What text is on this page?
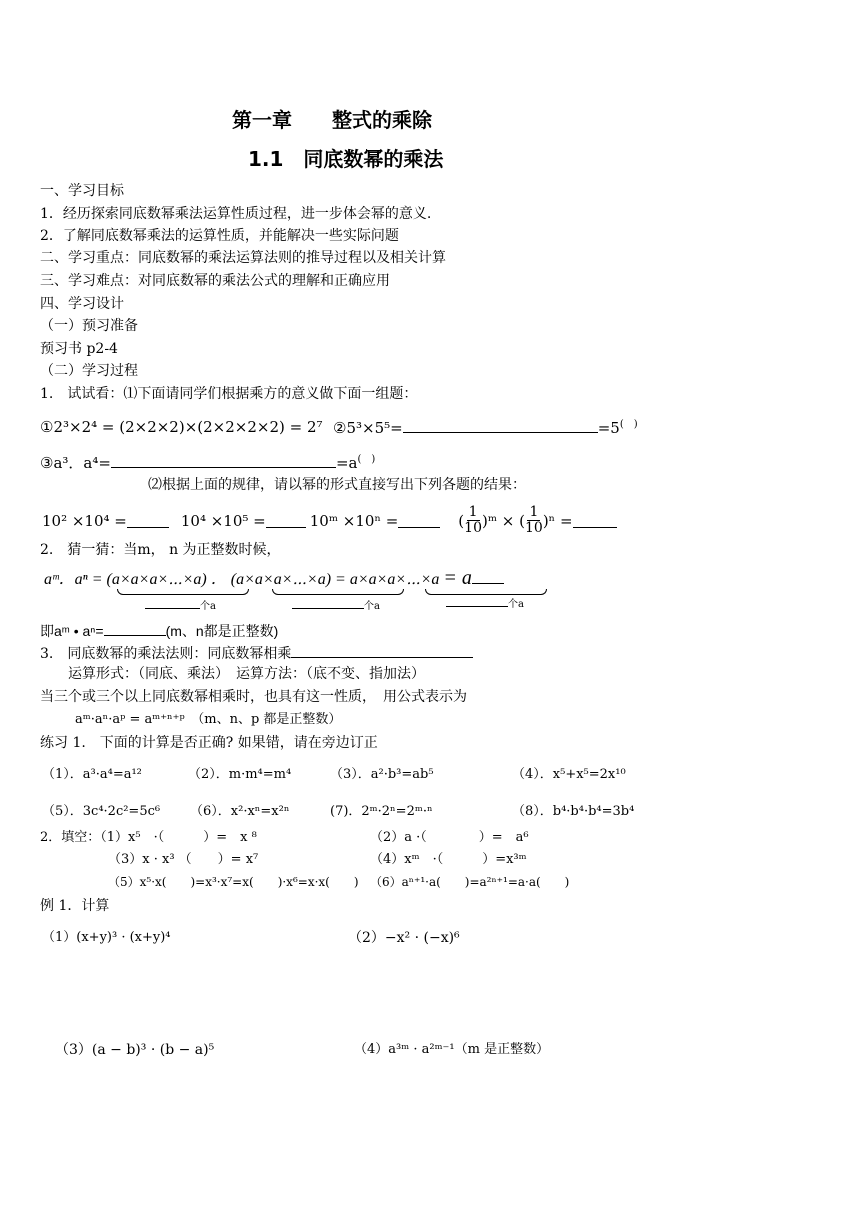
第一章　　整式的乘除
1.1　同底数幂的乘法
一、学习目标
1．经历探索同底数幂乘法运算性质过程，进一步体会幂的意义.
2．了解同底数幂乘法的运算性质，并能解决一些实际问题
二、学习重点：同底数幂的乘法运算法则的推导过程以及相关计算
三、学习难点：对同底数幂的乘法公式的理解和正确应用
四、学习设计
（一）预习准备
预习书 p2-4
（二）学习过程
1.　试试看：⑴下面请同学们根据乘方的意义做下面一组题：
①2³×2⁴ = (2×2×2)×(2×2×2×2) = 2⁷ ②5³×5⁵=	=5(　)
③a³．a⁴=	=a(　)
⑵根据上面的规律，请以幂的形式直接写出下列各题的结果：
10² ×10⁴ =	10⁴ ×10⁵ =	10ᵐ ×10ⁿ =	( $\frac{1}{10}$ )ᵐ × ( $\frac{1}{10} )^n$ =
2.　猜一猜：当m， n 为正整数时候，
aᵐ．aⁿ = (a×a×a×⋯×a) ． (a×a×a×⋯×a) = a×a×a×⋯×a = a
个a	个a	个a
即aᵐ • aⁿ=	(m、n都是正整数)
3.　同底数幂的乘法法则：同底数幂相乘
运算形式：（同底、乘法）　运算方法：（底不变、指加法）
当三个或三个以上同底数幂相乘时，也具有这一性质，　用公式表示为
aᵐ·aⁿ·aᵖ = aᵐ⁺ⁿ⁺ᵖ　（m、n、p 都是正整数）
练习 1.　下面的计算是否正确? 如果错，请在旁边订正
（1）．a³·a⁴=a¹²	（2）．m·m⁴=m⁴	（3）．a²·b³=ab⁵	（4）．x⁵+x⁵=2x¹⁰
（5）．3c⁴·2c²=5c⁶ （6）．x²·xⁿ=x²ⁿ	(7)．2ᵐ·2ⁿ=2ᵐ·ⁿ	（8）．b⁴·b⁴·b⁴=3b⁴
2．填空：（1）x⁵　·（　　　）=　x ⁸	（2）a ·（　　　　）=　a⁶
（3）x · x³ （　　）= x⁷	（4）xᵐ　·（　　　）=x³ᵐ
（5）x⁵·x(　　)=x³·x⁷=x(　　)·x⁶=x·x(　　) （6）aⁿ⁺¹·a(　　)=a²ⁿ⁺¹=a·a(　　)
例 1．计算
（1）(x+y)³ · (x+y)⁴	（2）−x² · (−x)⁶
（3）(a − b)³ · (b − a)⁵	（4）a³ᵐ · a²ᵐ⁻¹（m 是正整数）
